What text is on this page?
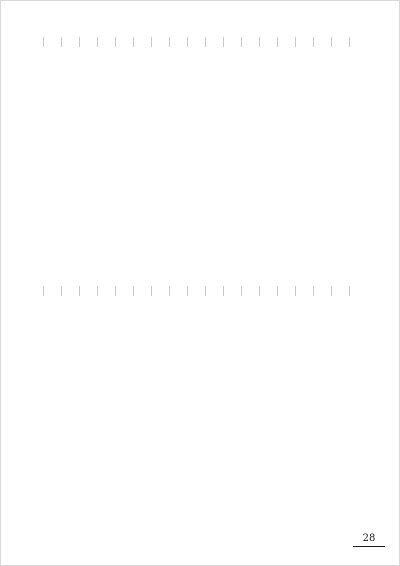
＿
＿
＿
＿
＿
＿
＿
＿
＿
＿
＿
＿
＿
＿
＿
＿
＿
＿
＿
＿
＿
＿
＿
＿
＿
＿
＿
＿
＿
＿
＿
＿
＿
＿
＿
＿
28
